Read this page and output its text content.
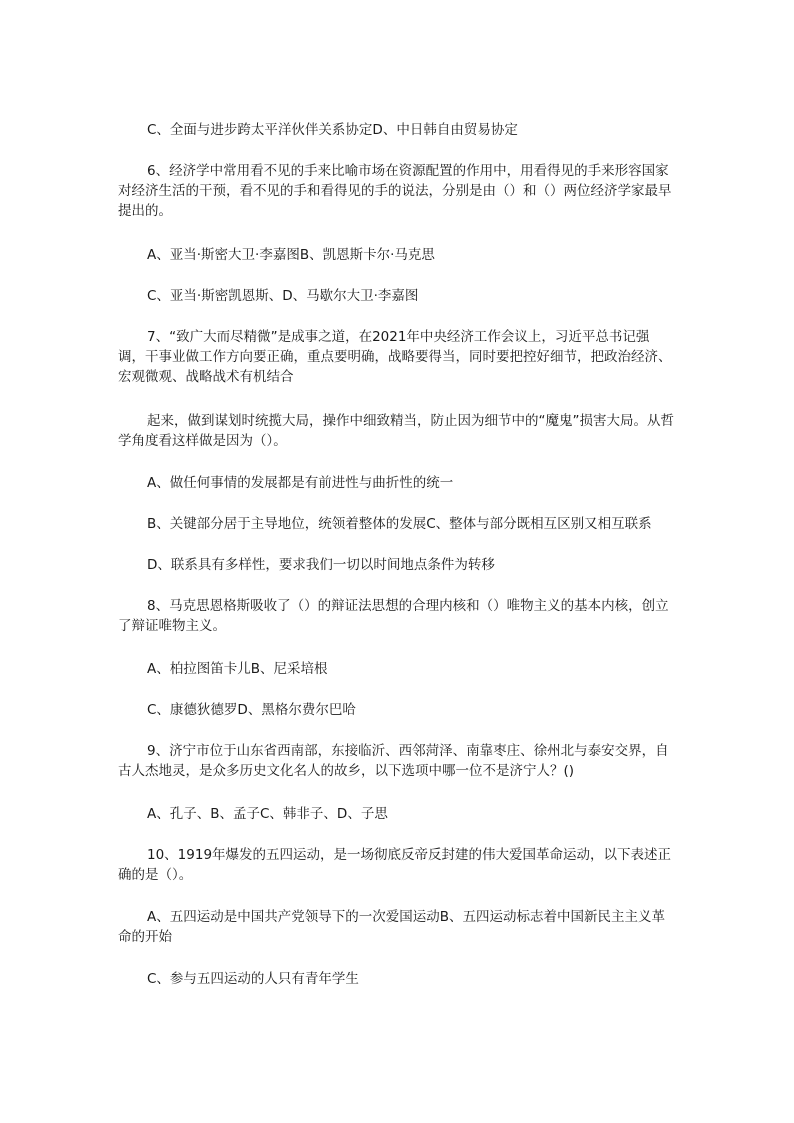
C、全面与进步跨太平洋伙伴关系协定D、中日韩自由贸易协定

6、经济学中常用看不见的手来比喻市场在资源配置的作用中，用看得见的手来形容国家对经济生活的干预，看不见的手和看得见的手的说法，分别是由（）和（）两位经济学家最早提出的。

A、亚当·斯密大卫·李嘉图B、凯恩斯卡尔·马克思

C、亚当·斯密凯恩斯、D、马歇尔大卫·李嘉图

7、“致广大而尽精微”是成事之道，在2021年中央经济工作会议上，习近平总书记强调，干事业做工作方向要正确，重点要明确，战略要得当，同时要把控好细节，把政治经济、宏观微观、战略战术有机结合

起来，做到谋划时统揽大局，操作中细致精当，防止因为细节中的“魔鬼”损害大局。从哲学角度看这样做是因为（）。

A、做任何事情的发展都是有前进性与曲折性的统一

B、关键部分居于主导地位，统领着整体的发展C、整体与部分既相互区别又相互联系

D、联系具有多样性，要求我们一切以时间地点条件为转移

8、马克思恩格斯吸收了（）的辩证法思想的合理内核和（）唯物主义的基本内核，创立了辩证唯物主义。

A、柏拉图笛卡儿B、尼采培根

C、康德狄德罗D、黑格尔费尔巴哈

9、济宁市位于山东省西南部，东接临沂、西邻菏泽、南靠枣庄、徐州北与泰安交界，自古人杰地灵，是众多历史文化名人的故乡，以下选项中哪一位不是济宁人？()

A、孔子、B、孟子C、韩非子、D、子思

10、1919年爆发的五四运动，是一场彻底反帝反封建的伟大爱国革命运动，以下表述正确的是（）。

A、五四运动是中国共产党领导下的一次爱国运动B、五四运动标志着中国新民主主义革命的开始

C、参与五四运动的人只有青年学生
